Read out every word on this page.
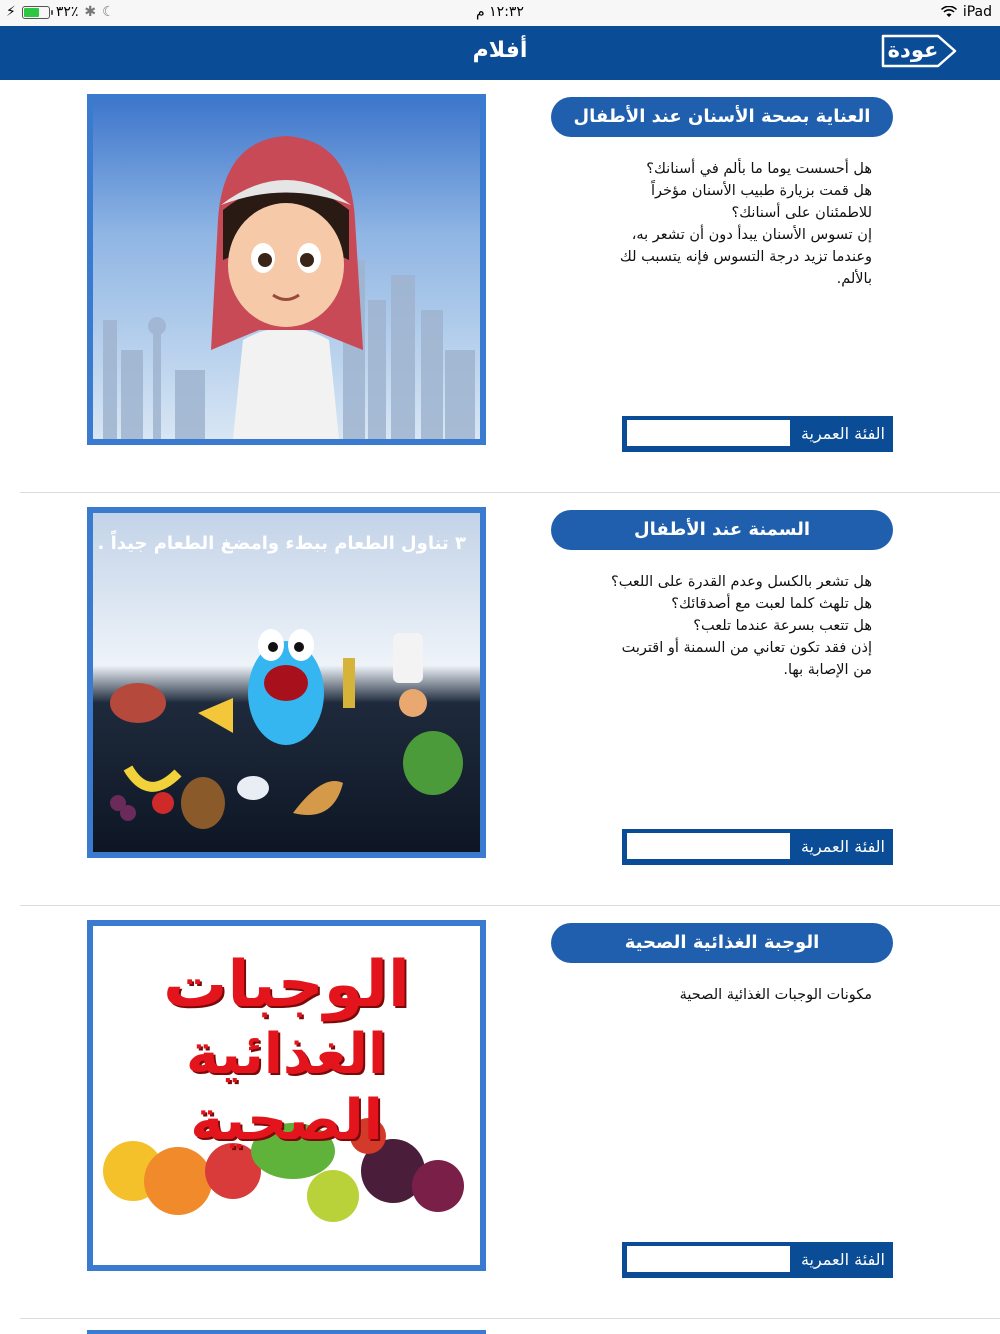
⚡	٣٢٪ ✱ ☾	١٢:٣٢ م	iPad
أفلام	عودة
العناية بصحة الأسنان عند الأطفال
هل أحسست يوما ما بألم في أسنانك؟
هل قمت بزيارة طبيب الأسنان مؤخراً
للاطمئنان على أسنانك؟
إن تسوس الأسنان يبدأ دون أن تشعر به،
وعندما تزيد درجة التسوس فإنه يتسبب لك
بالألم.
الفئة العمرية
٣ تناول الطعام ببطء وامضغ الطعام جيداً .
السمنة عند الأطفال
هل تشعر بالكسل وعدم القدرة على اللعب؟
هل تلهث كلما لعبت مع أصدقائك؟
هل تتعب بسرعة عندما تلعب؟
إذن فقد تكون تعاني من السمنة أو اقتربت
من الإصابة بها.
الفئة العمرية
الوجبات
الغذائية
الصحية
الوجبة الغذائية الصحية
مكونات الوجبات الغذائية الصحية
الفئة العمرية
